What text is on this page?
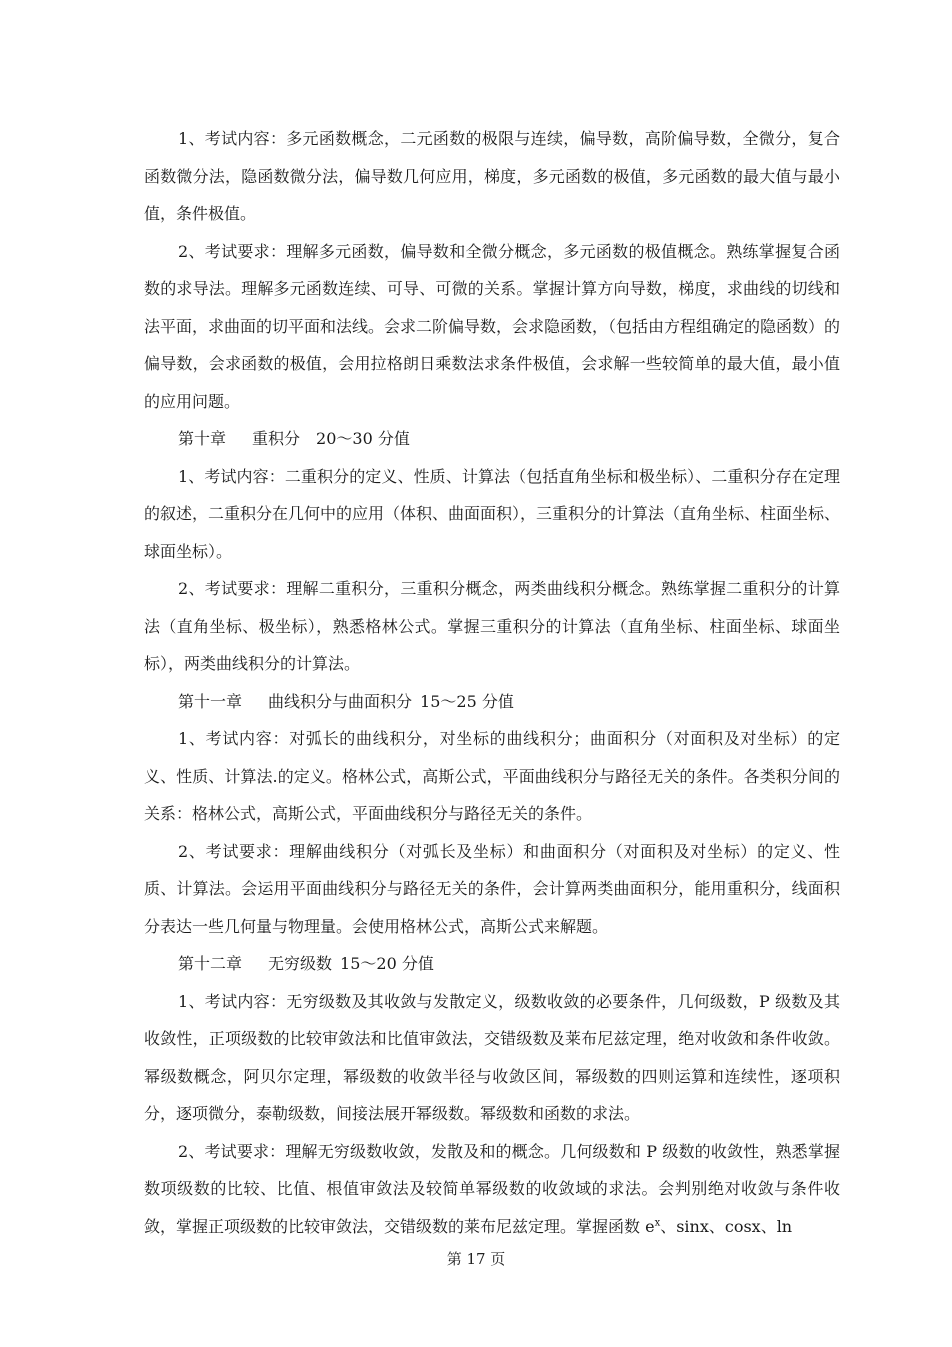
1、考试内容：多元函数概念，二元函数的极限与连续，偏导数，高阶偏导数，全微分，复合函数微分法，隐函数微分法，偏导数几何应用，梯度，多元函数的极值，多元函数的最大值与最小值，条件极值。

2、考试要求：理解多元函数，偏导数和全微分概念，多元函数的极值概念。熟练掌握复合函数的求导法。理解多元函数连续、可导、可微的关系。掌握计算方向导数，梯度，求曲线的切线和法平面，求曲面的切平面和法线。会求二阶偏导数，会求隐函数，（包括由方程组确定的隐函数）的偏导数，会求函数的极值，会用拉格朗日乘数法求条件极值，会求解一些较简单的最大值，最小值的应用问题。

第十章 重积分 20～30 分值

1、考试内容：二重积分的定义、性质、计算法（包括直角坐标和极坐标）、二重积分存在定理的叙述，二重积分在几何中的应用（体积、曲面面积），三重积分的计算法（直角坐标、柱面坐标、球面坐标）。

2、考试要求：理解二重积分，三重积分概念，两类曲线积分概念。熟练掌握二重积分的计算法（直角坐标、极坐标），熟悉格林公式。掌握三重积分的计算法（直角坐标、柱面坐标、球面坐标），两类曲线积分的计算法。

第十一章 曲线积分与曲面积分 15～25 分值

1、考试内容：对弧长的曲线积分，对坐标的曲线积分；曲面积分（对面积及对坐标）的定义、性质、计算法.的定义。格林公式，高斯公式，平面曲线积分与路径无关的条件。各类积分间的关系：格林公式，高斯公式，平面曲线积分与路径无关的条件。

2、考试要求：理解曲线积分（对弧长及坐标）和曲面积分（对面积及对坐标）的定义、性质、计算法。会运用平面曲线积分与路径无关的条件，会计算两类曲面积分，能用重积分，线面积分表达一些几何量与物理量。会使用格林公式，高斯公式来解题。

第十二章 无穷级数 15～20 分值

1、考试内容：无穷级数及其收敛与发散定义，级数收敛的必要条件，几何级数，P 级数及其收敛性，正项级数的比较审敛法和比值审敛法，交错级数及莱布尼兹定理，绝对收敛和条件收敛。幂级数概念，阿贝尔定理，幂级数的收敛半径与收敛区间，幂级数的四则运算和连续性，逐项积分，逐项微分，泰勒级数，间接法展开幂级数。幂级数和函数的求法。

2、考试要求：理解无穷级数收敛，发散及和的概念。几何级数和 P 级数的收敛性，熟悉掌握数项级数的比较、比值、根值审敛法及较简单幂级数的收敛域的求法。会判别绝对收敛与条件收敛，掌握正项级数的比较审敛法，交错级数的莱布尼兹定理。掌握函数 $e^x$、sinx、cosx、ln

第 17 页
